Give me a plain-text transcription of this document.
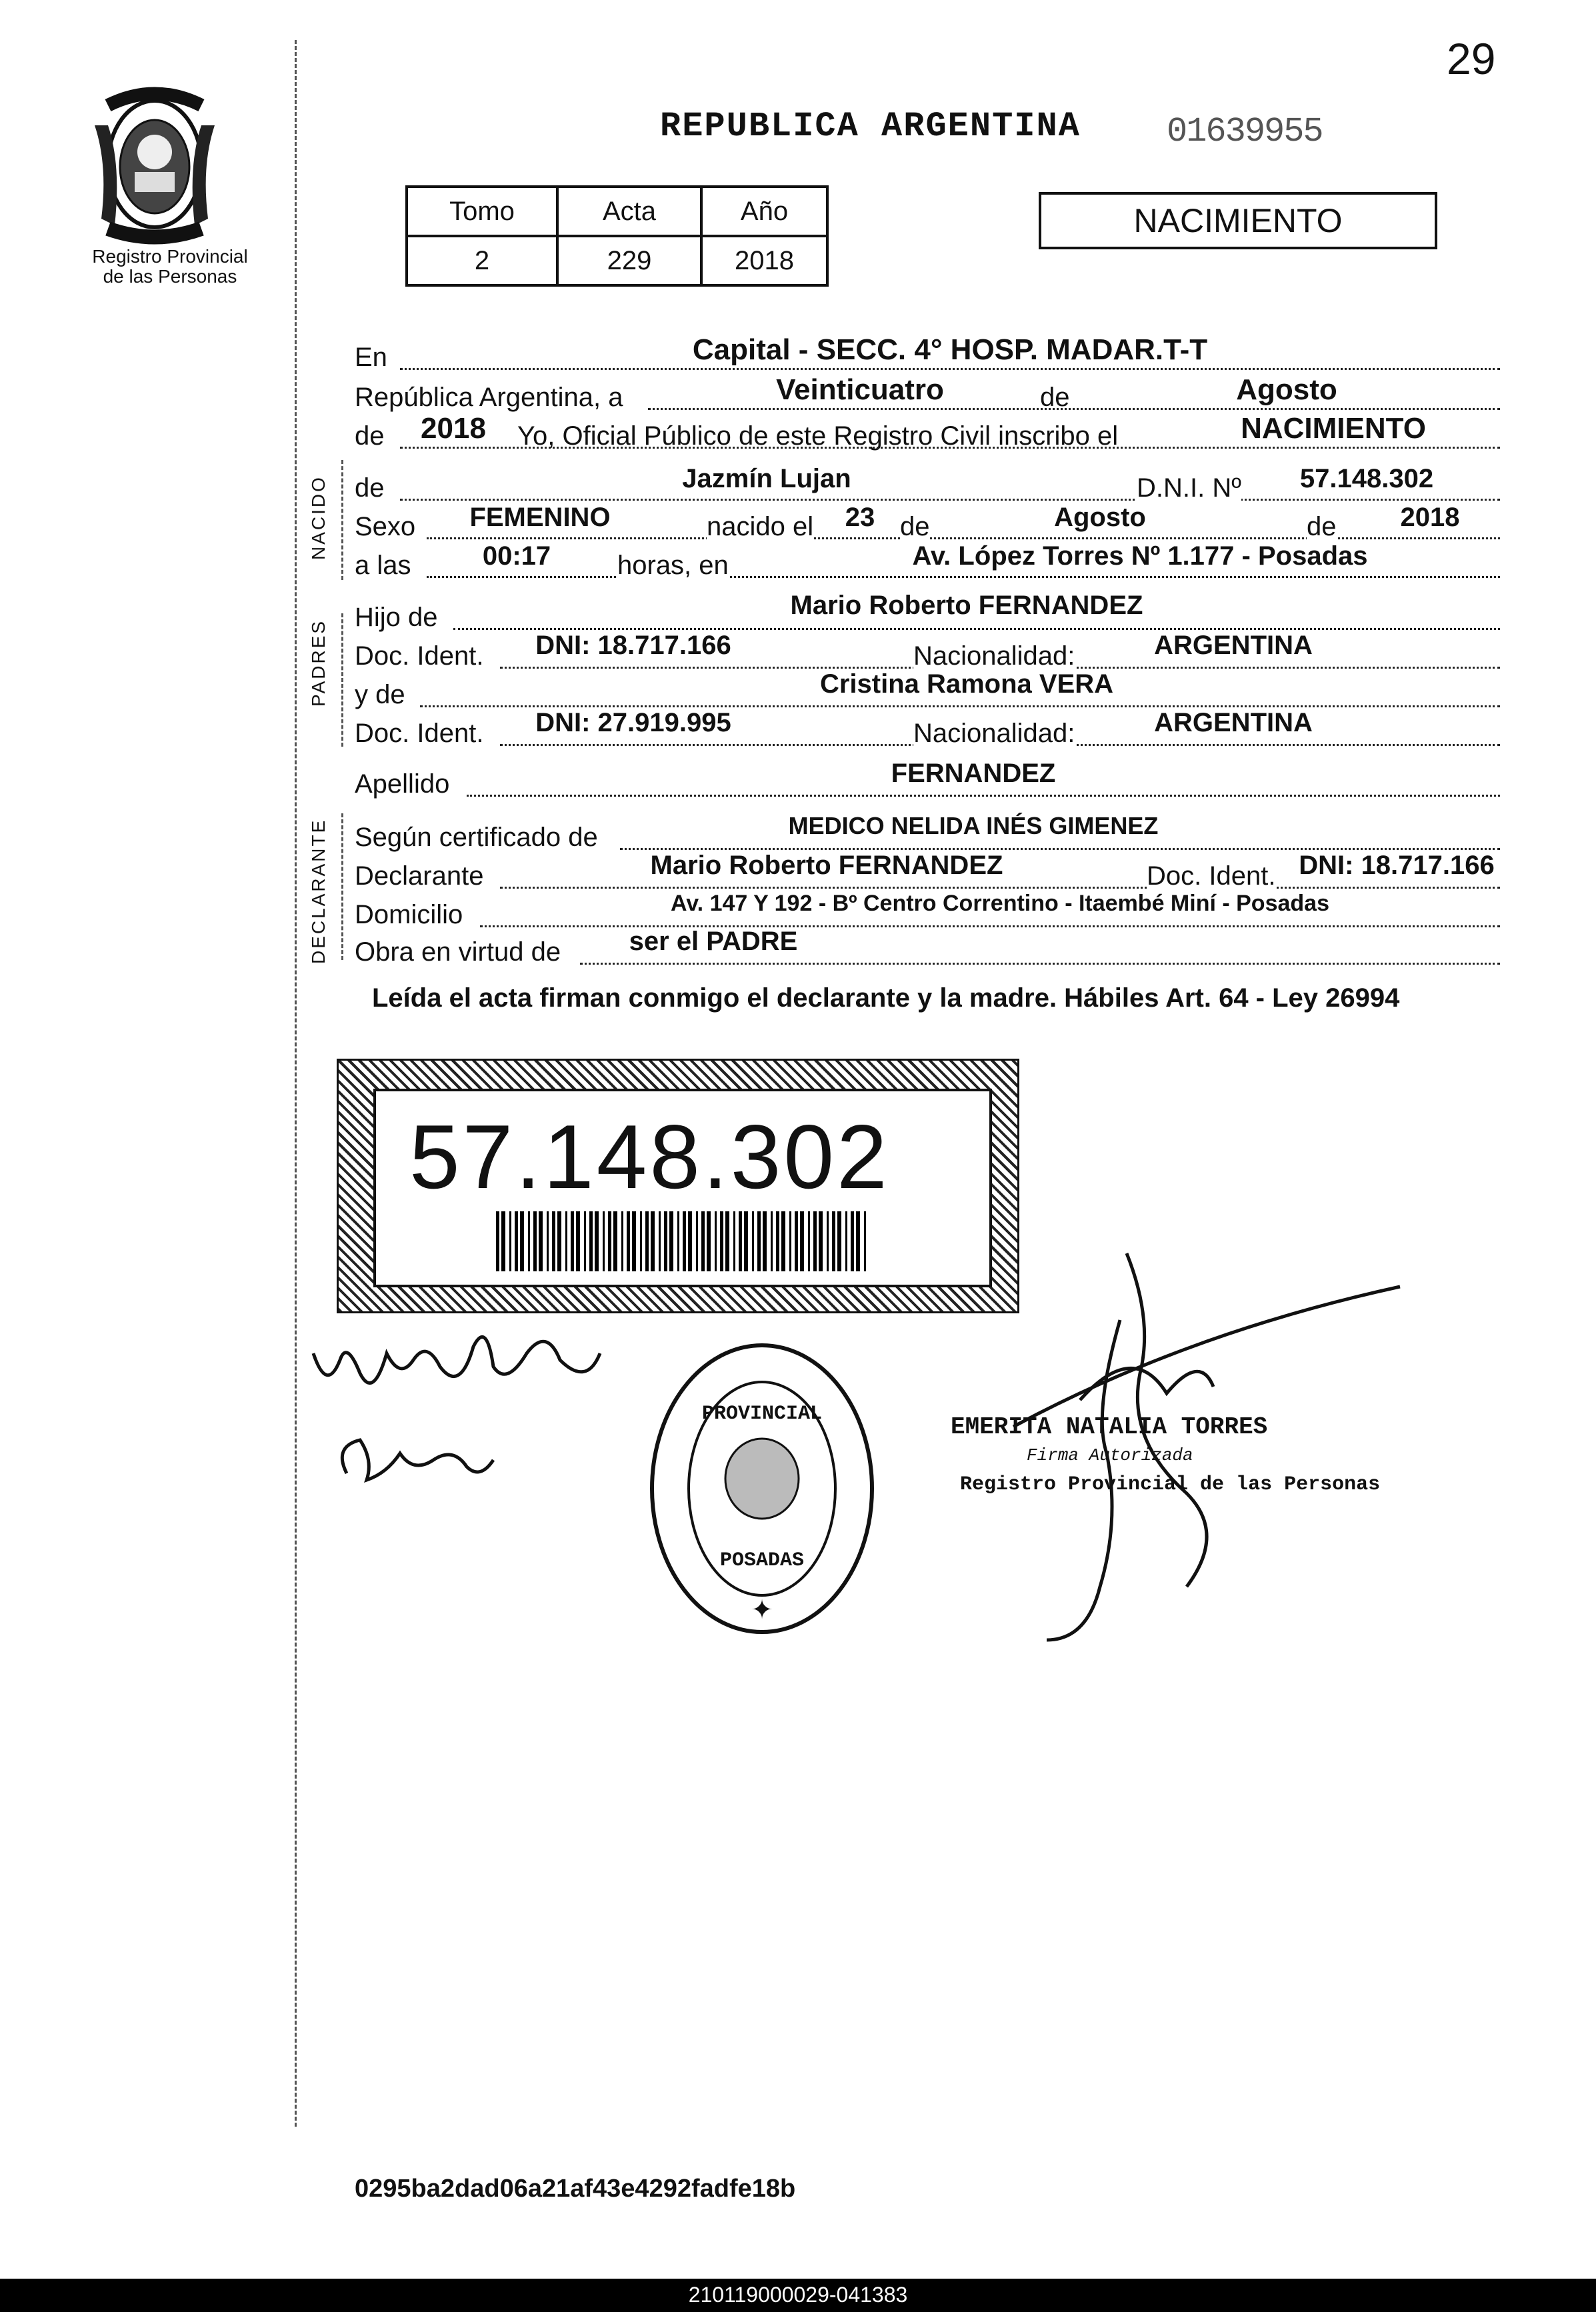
29
Registro Provincial
de las Personas
REPUBLICA ARGENTINA 01639955
Tomo	Acta	Año
2	229	2018
NACIMIENTO
En	Capital - SECC. 4° HOSP. MADAR.T-T
República Argentina, a	Veinticuatro	de	Agosto
de	2018	Yo, Oficial Público de este Registro Civil inscribo el	NACIMIENTO
NACIDO
PADRES
DECLARANTE
de	Jazmín Lujan	D.N.I. Nº	57.148.302
Sexo	FEMENINO	nacido el	23 de	Agosto	de	2018
a las	00:17	horas, en	Av. López Torres Nº 1.177 - Posadas
Hijo de	Mario Roberto FERNANDEZ
Doc. Ident.	DNI: 18.717.166	Nacionalidad:	ARGENTINA
y de	Cristina Ramona VERA
Doc. Ident.	DNI: 27.919.995	Nacionalidad:	ARGENTINA
Apellido	FERNANDEZ
Según certificado de	MEDICO NELIDA INÉS GIMENEZ
Declarante	Mario Roberto FERNANDEZ	Doc. Ident. DNI: 18.717.166
Domicilio	Av. 147 Y 192 - Bº Centro Correntino - Itaembé Miní - Posadas
Obra en virtud de	ser el PADRE
Leída el acta firman conmigo el declarante y la madre. Hábiles Art. 64 - Ley 26994
57.148.302
PROVINCIAL
POSADAS
✦
EMERITA NATALIA TORRES
Firma Autorizada
Registro Provincial de las Personas
0295ba2dad06a21af43e4292fadfe18b
210119000029-041383
